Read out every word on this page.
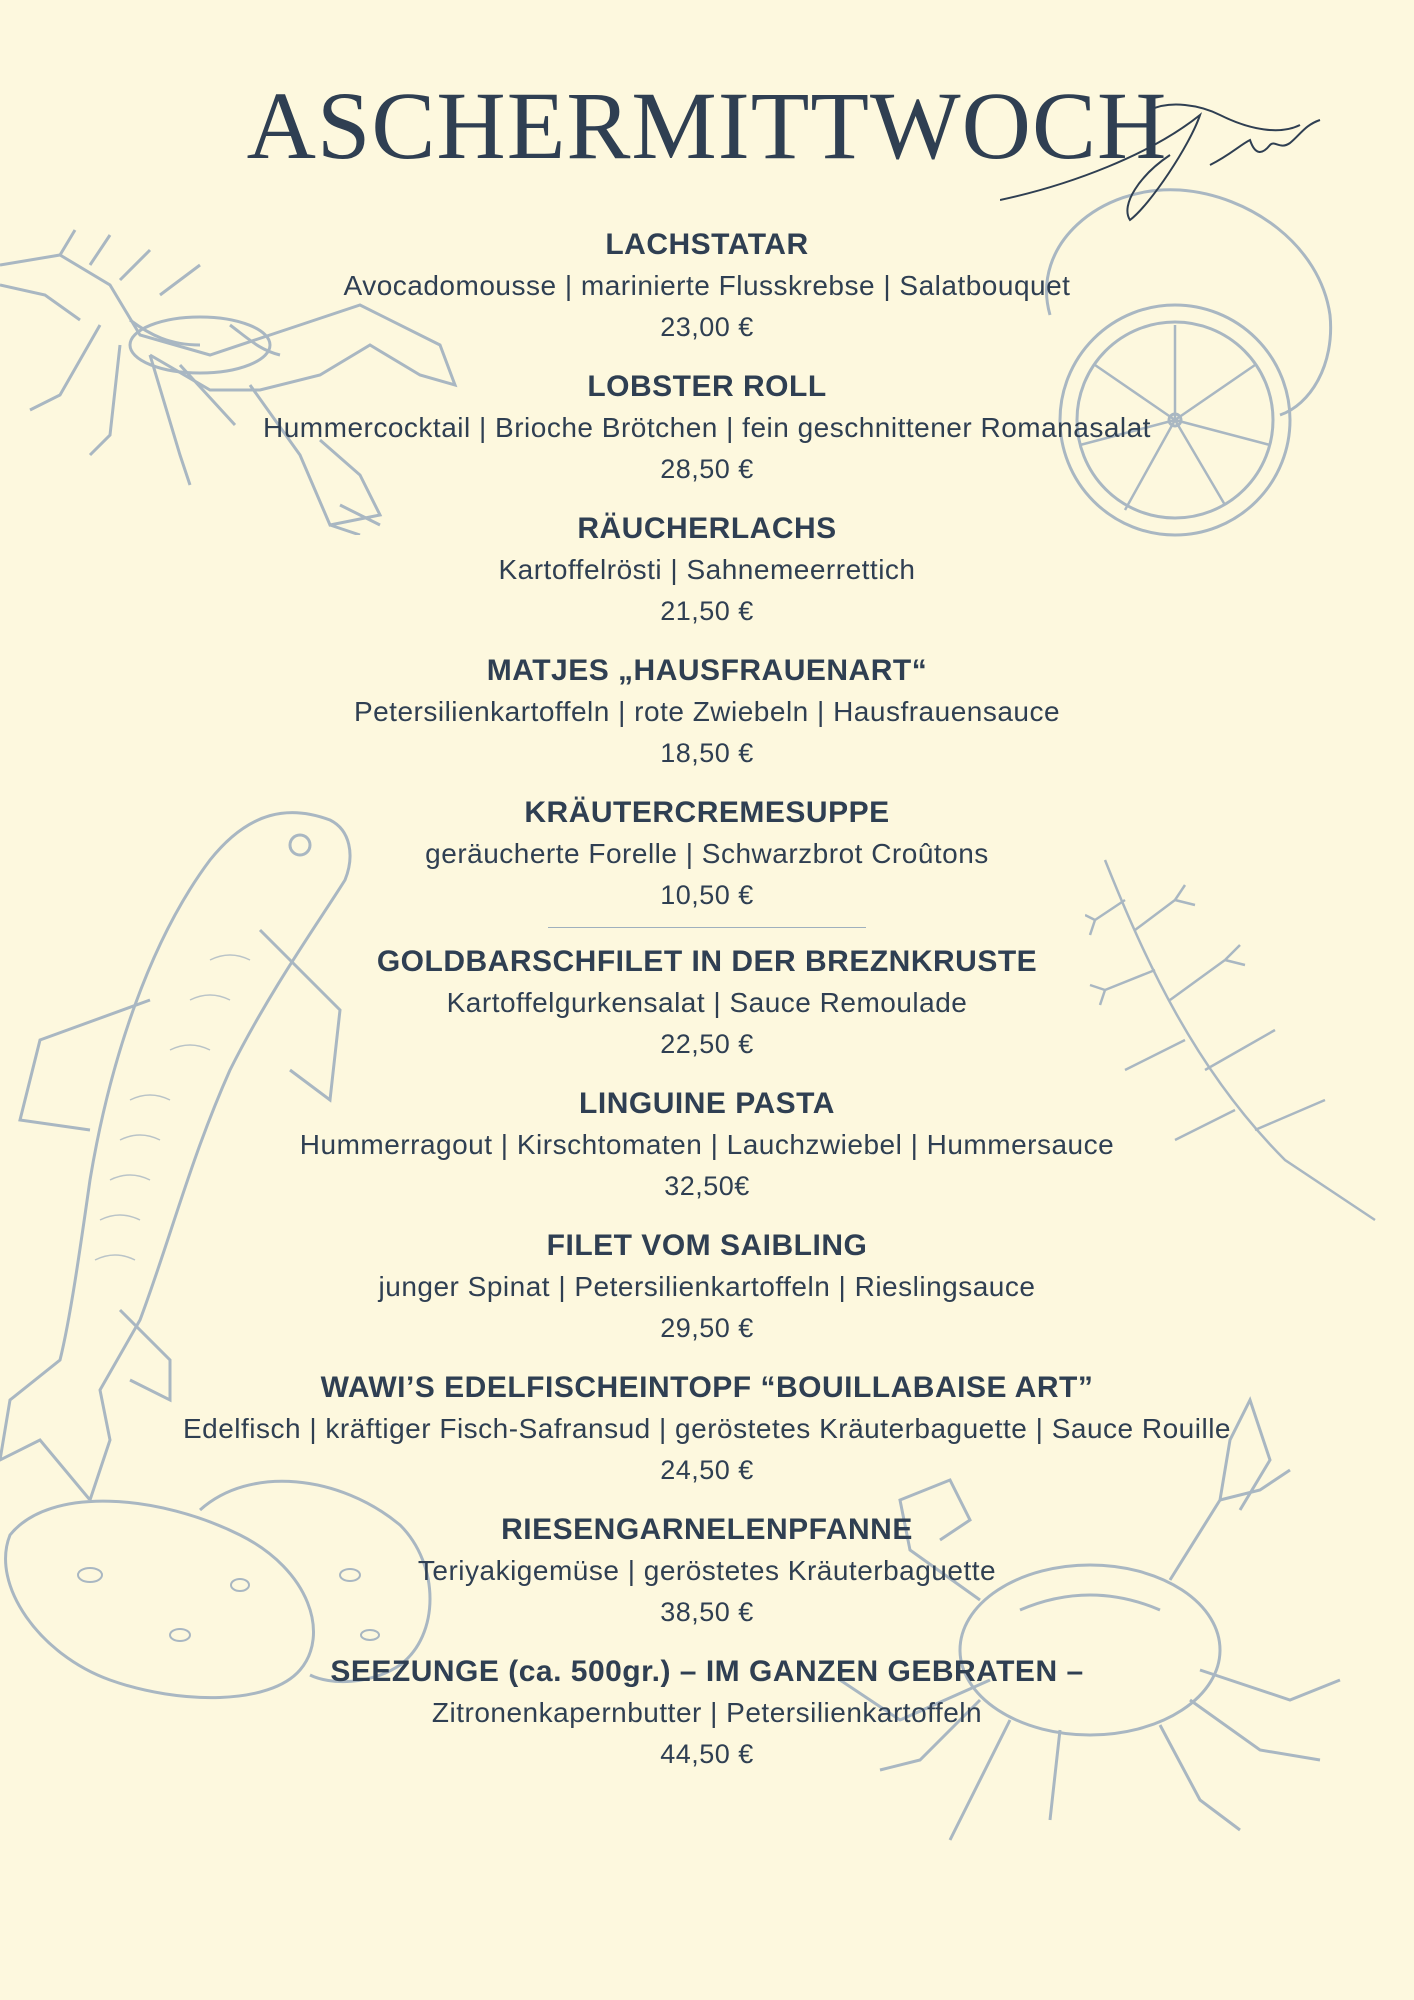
ASCHERMITTWOCH
LACHSTATAR
Avocadomousse | marinierte Flusskrebse | Salatbouquet
23,00 €
LOBSTER ROLL
Hummercocktail | Brioche Brötchen | fein geschnittener Romanasalat
28,50 €
RÄUCHERLACHS
Kartoffelrösti | Sahnemeerrettich
21,50 €
MATJES „HAUSFRAUENART“
Petersilienkartoffeln | rote Zwiebeln | Hausfrauensauce
18,50 €
KRÄUTERCREMESUPPE
geräucherte Forelle | Schwarzbrot Croûtons
10,50 €
GOLDBARSCHFILET IN DER BREZNKRUSTE
Kartoffelgurkensalat | Sauce Remoulade
22,50 €
LINGUINE PASTA
Hummerragout | Kirschtomaten | Lauchzwiebel | Hummersauce
32,50€
FILET VOM SAIBLING
junger Spinat | Petersilienkartoffeln | Rieslingsauce
29,50 €
WAWI’S EDELFISCHEINTOPF “BOUILLABAISE ART”
Edelfisch | kräftiger Fisch-Safransud | geröstetes Kräuterbaguette | Sauce Rouille
24,50 €
RIESENGARNELENPFANNE
Teriyakigemüse | geröstetes Kräuterbaguette
38,50 €
SEEZUNGE (ca. 500gr.) – IM GANZEN GEBRATEN –
Zitronenkapernbutter | Petersilienkartoffeln
44,50 €
